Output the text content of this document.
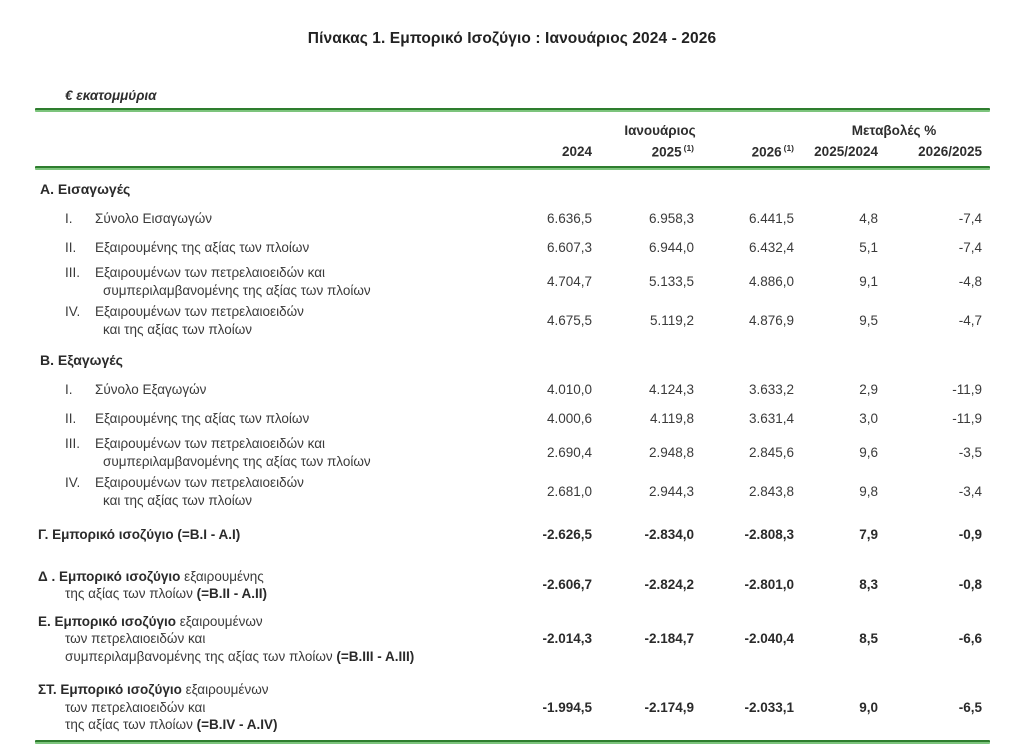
Πίνακας 1. Εμπορικό Ισοζύγιο : Ιανουάριος 2024 - 2026
€ εκατομμύρια
Ιανουάριος	Μεταβολές %
2024	2025 $^{(1)}$	2026 $^{(1)}$	2025/2024	2026/2025
Α. Εισαγωγές
I. Σύνολο Εισαγωγών	6.636,5	6.958,3	6.441,5	4,8	-7,4
II. Εξαιρουμένης της αξίας των πλοίων	6.607,3	6.944,0	6.432,4	5,1	-7,4
III. Εξαιρουμένων των πετρελαιοειδών και
συμπεριλαμβανομένης της αξίας των πλοίων
4.704,7	5.133,5	4.886,0	9,1	-4,8
IV. Εξαιρουμένων των πετρελαιοειδών
και της αξίας των πλοίων
4.675,5	5.119,2	4.876,9	9,5	-4,7
Β. Εξαγωγές
I. Σύνολο Εξαγωγών	4.010,0	4.124,3	3.633,2	2,9	-11,9
II. Εξαιρουμένης της αξίας των πλοίων	4.000,6	4.119,8	3.631,4	3,0	-11,9
III. Εξαιρουμένων των πετρελαιοειδών και
συμπεριλαμβανομένης της αξίας των πλοίων
2.690,4	2.948,8	2.845,6	9,6	-3,5
IV. Εξαιρουμένων των πετρελαιοειδών
και της αξίας των πλοίων
2.681,0	2.944,3	2.843,8	9,8	-3,4
Γ. Εμπορικό ισοζύγιο (=B.I - A.I)	-2.626,5	-2.834,0	-2.808,3	7,9	-0,9
Δ . Εμπορικό ισοζύγιο εξαιρουμένης
της αξίας των πλοίων (=B.II - A.II)
-2.606,7	-2.824,2	-2.801,0	8,3	-0,8
Ε. Εμπορικό ισοζύγιο εξαιρουμένων
των πετρελαιοειδών και
συμπεριλαμβανομένης της αξίας των πλοίων (=B.III - A.III)
-2.014,3	-2.184,7	-2.040,4	8,5	-6,6
ΣΤ. Εμπορικό ισοζύγιο εξαιρουμένων
των πετρελαιοειδών και
της αξίας των πλοίων (=B.IV - A.IV)
-1.994,5	-2.174,9	-2.033,1	9,0	-6,5
